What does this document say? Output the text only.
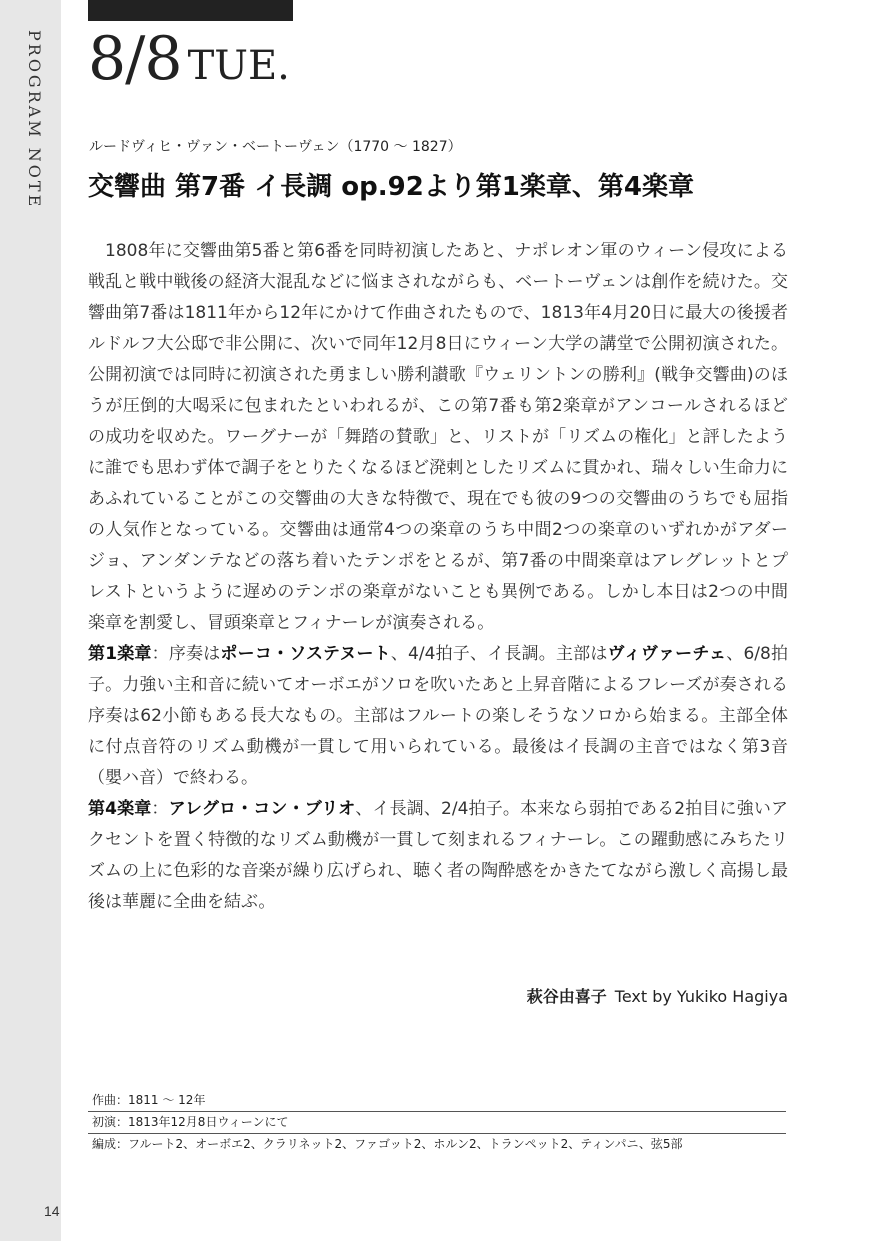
PROGRAM NOTE
14
8/8 TUE.
ルードヴィヒ・ヴァン・ベートーヴェン（1770 〜 1827）
交響曲 第7番 イ長調 op.92より第1楽章、第4楽章

1808年に交響曲第5番と第6番を同時初演したあと、ナポレオン軍のウィーン侵攻による戦乱と戦中戦後の経済大混乱などに悩まされながらも、ベートーヴェンは創作を続けた。交響曲第7番は1811年から12年にかけて作曲されたもので、1813年4月20日に最大の後援者ルドルフ大公邸で非公開に、次いで同年12月8日にウィーン大学の講堂で公開初演された。公開初演では同時に初演された勇ましい勝利讃歌『ウェリントンの勝利』(戦争交響曲)のほうが圧倒的大喝采に包まれたといわれるが、この第7番も第2楽章がアンコールされるほどの成功を収めた。ワーグナーが「舞踏の賛歌」と、リストが「リズムの権化」と評したように誰でも思わず体で調子をとりたくなるほど溌剌としたリズムに貫かれ、瑞々しい生命力にあふれていることがこの交響曲の大きな特徴で、現在でも彼の9つの交響曲のうちでも屈指の人気作となっている。交響曲は通常4つの楽章のうち中間2つの楽章のいずれかがアダージョ、アンダンテなどの落ち着いたテンポをとるが、第7番の中間楽章はアレグレットとプレストというように遅めのテンポの楽章がないことも異例である。しかし本日は2つの中間楽章を割愛し、冒頭楽章とフィナーレが演奏される。

第1楽章：序奏はポーコ・ソステヌート、4/4拍子、イ長調。主部はヴィヴァーチェ、6/8拍子。力強い主和音に続いてオーボエがソロを吹いたあと上昇音階によるフレーズが奏される序奏は62小節もある長大なもの。主部はフルートの楽しそうなソロから始まる。主部全体に付点音符のリズム動機が一貫して用いられている。最後はイ長調の主音ではなく第3音（嬰ハ音）で終わる。

第4楽章：アレグロ・コン・ブリオ、イ長調、2/4拍子。本来なら弱拍である2拍目に強いアクセントを置く特徴的なリズム動機が一貫して刻まれるフィナーレ。この躍動感にみちたリズムの上に色彩的な音楽が繰り広げられ、聴く者の陶酔感をかきたてながら激しく高揚し最後は華麗に全曲を結ぶ。

萩谷由喜子 Text by Yukiko Hagiya
作曲：1811 〜 12年
初演：1813年12月8日ウィーンにて
編成：フルート2、オーボエ2、クラリネット2、ファゴット2、ホルン2、トランペット2、ティンパニ、弦5部
